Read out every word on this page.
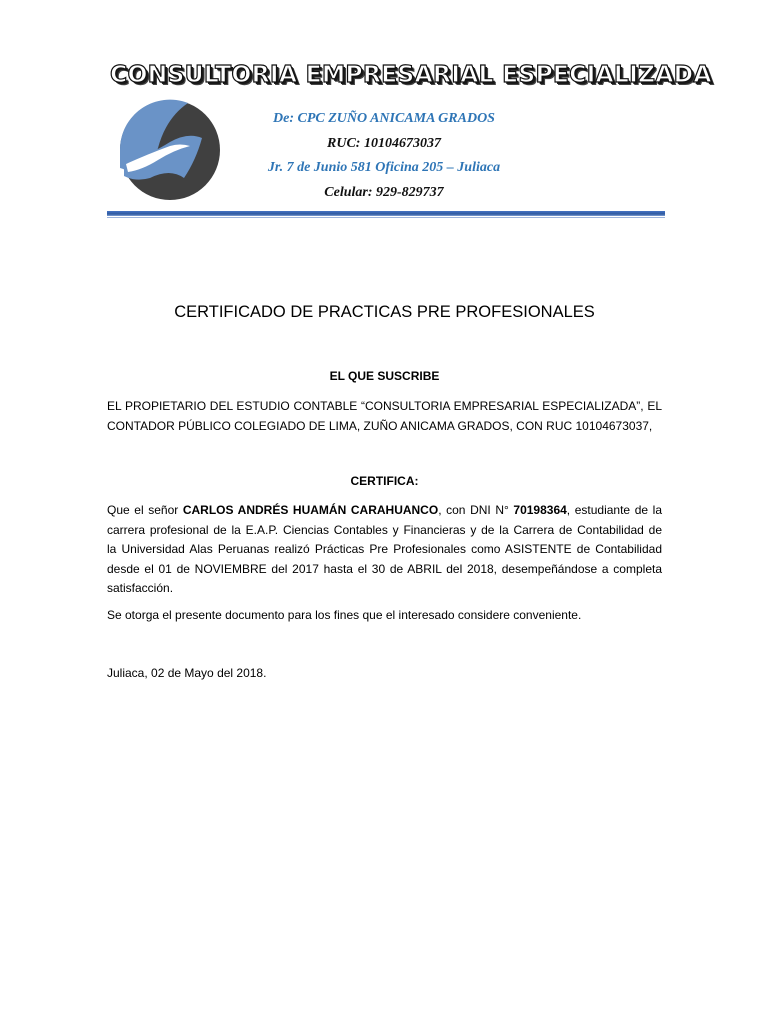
CONSULTORIA EMPRESARIAL ESPECIALIZADA
De: CPC ZUÑO ANICAMA GRADOS
RUC: 10104673037
Jr. 7 de Junio 581 Oficina 205 – Juliaca
Celular: 929-829737
CERTIFICADO DE PRACTICAS PRE PROFESIONALES
EL QUE SUSCRIBE
EL PROPIETARIO DEL ESTUDIO CONTABLE “CONSULTORIA EMPRESARIAL ESPECIALIZADA”, EL
CONTADOR PÚBLICO COLEGIADO DE LIMA, ZUÑO ANICAMA GRADOS, CON RUC 10104673037,
CERTIFICA:
Que el señor CARLOS ANDRÉS HUAMÁN CARAHUANCO, con DNI N° 70198364, estudiante de la
carrera profesional de la E.A.P. Ciencias Contables y Financieras y de la Carrera de Contabilidad de
la Universidad Alas Peruanas realizó Prácticas Pre Profesionales como ASISTENTE de Contabilidad
desde el 01 de NOVIEMBRE del 2017 hasta el 30 de ABRIL del 2018, desempeñándose a completa
satisfacción.
Se otorga el presente documento para los fines que el interesado considere conveniente.
Juliaca, 02 de Mayo del 2018.
